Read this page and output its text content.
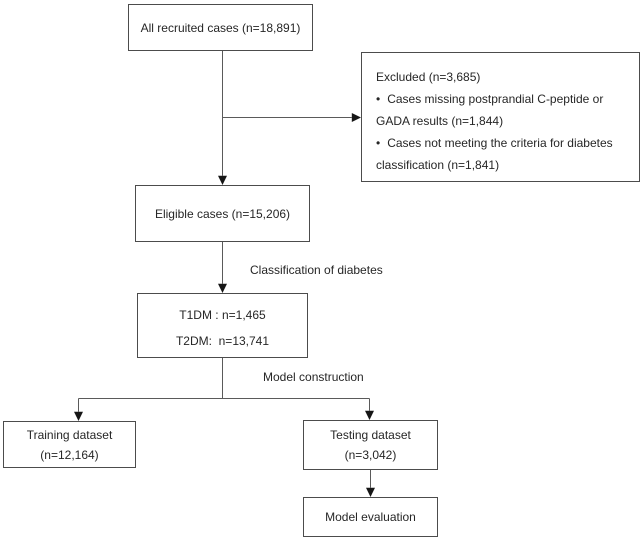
All recruited cases (n=18,891)
Excluded (n=3,685)
• Cases missing postprandial C-peptide or GADA results (n=1,844)
• Cases not meeting the criteria for diabetes classification (n=1,841)
Eligible cases (n=15,206)
Classification of diabetes
T1DM : n=1,465
T2DM:  n=13,741
Model construction
Training dataset
(n=12,164)
Testing dataset
(n=3,042)
Model evaluation
